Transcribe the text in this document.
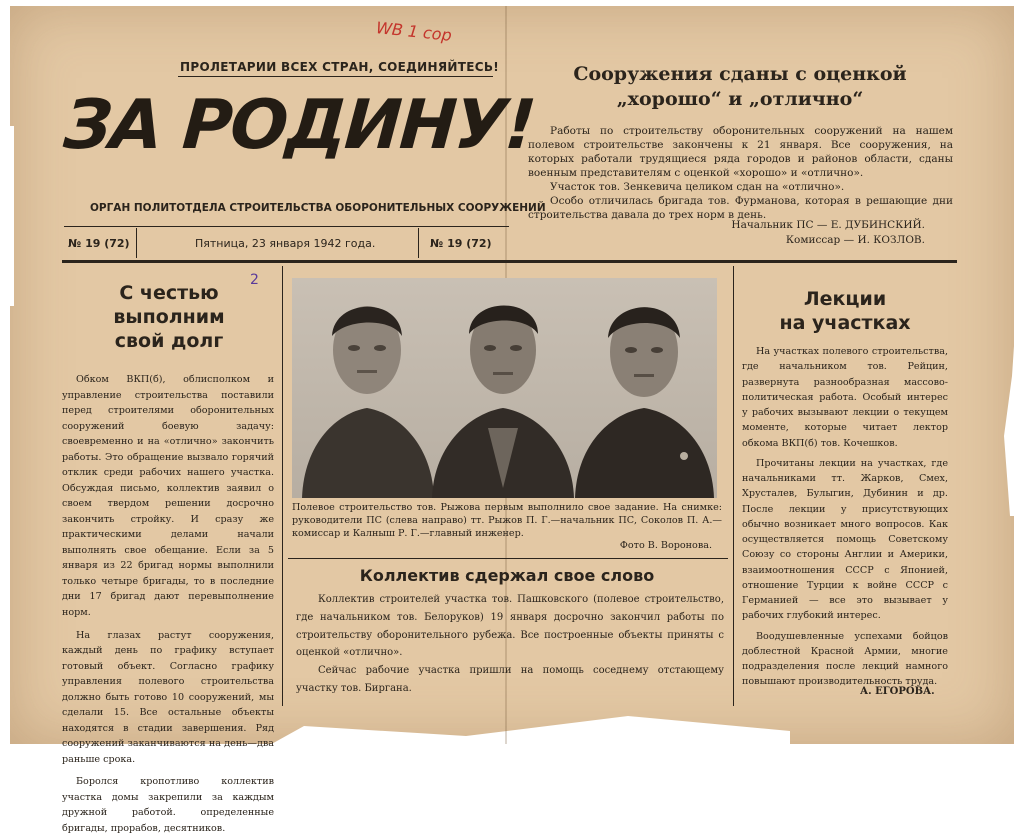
WB 1 cop
2
ПРОЛЕТАРИИ ВСЕХ СТРАН, СОЕДИНЯЙТЕСЬ!
ЗА РОДИНУ!
ОРГАН ПОЛИТОТДЕЛА СТРОИТЕЛЬСТВА ОБОРОНИТЕЛЬНЫХ СООРУЖЕНИЙ
№ 19 (72)	Пятница, 23 января 1942 года.	№ 19 (72)
Сооружения сданы с оценкой
„хорошо“ и „отлично“

Работы по строительству оборонительных сооружений на нашем полевом строительстве закончены к 21 января. Все сооружения, на которых работали трудящиеся ряда городов и районов области, сданы военным представителям с оценкой «хорошо» и «отлично».

Участок тов. Зенкевича целиком сдан на «отлично».

Особо отличилась бригада тов. Фурманова, которая в решающие дни строительства давала до трех норм в день.

Начальник ПС — Е. ДУБИНСКИЙ.
Комиссар — И. КОЗЛОВ.
С честью
выполним
свой долг

Обком ВКП(б), облисполком и управление строительства поставили перед строителями оборонительных сооружений боевую задачу: своевременно и на «отлично» закончить работы. Это обращение вызвало горячий отклик среди рабочих нашего участка. Обсуждая письмо, коллектив заявил о своем твердом решении досрочно закончить стройку. И сразу же практическими делами начали выполнять свое обещание. Если за 5 января из 22 бригад нормы выполнили только четыре бригады, то в последние дни 17 бригад дают перевыполнение норм.

На глазах растут сооружения, каждый день по графику вступает готовый объект. Согласно графику управления полевого строительства должно быть готово 10 сооружений, мы сделали 15. Все остальные объекты находятся в стадии завершения. Ряд сооружений заканчиваются на день—два раньше срока.

Боролся кропотливо коллектив участка домы закрепили за каждым дружной работой. определенные бригады, прорабов, десятников.

Полевое строительство тов. Рыжова первым выполнило свое задание. На снимке: руководители ПС (слева направо) тт. Рыжов П. Г.—начальник ПС, Соколов П. А.—комиссар и Калныш Р. Г.—главный инженер.

Фото В. Воронова.

Коллектив сдержал свое слово

Коллектив строителей участка тов. Пашковского (полевое строительство, где начальником тов. Белоруков) 19 января досрочно закончил работы по строительству оборонительного рубежа. Все построенные объекты приняты с оценкой «отлично».

Сейчас рабочие участка пришли на помощь соседнему отстающему участку тов. Биргана.

Лекции
на участках

На участках полевого строительства, где начальником тов. Рейцин, развернута разнообразная массово-политическая работа. Особый интерес у рабочих вызывают лекции о текущем моменте, которые читает лектор обкома ВКП(б) тов. Кочешков.

Прочитаны лекции на участках, где начальниками тт. Жарков, Смех, Хрусталев, Булыгин, Дубинин и др. После лекции у присутствующих обычно возникает много вопросов. Как осуществляется помощь Советскому Союзу со стороны Англии и Америки, взаимоотношения СССР с Японией, отношение Турции к войне СССР с Германией — все это вызывает у рабочих глубокий интерес.

Воодушевленные успехами бойцов доблестной Красной Армии, многие подразделения после лекций намного повышают производительность труда.

А. ЕГОРОВА.
